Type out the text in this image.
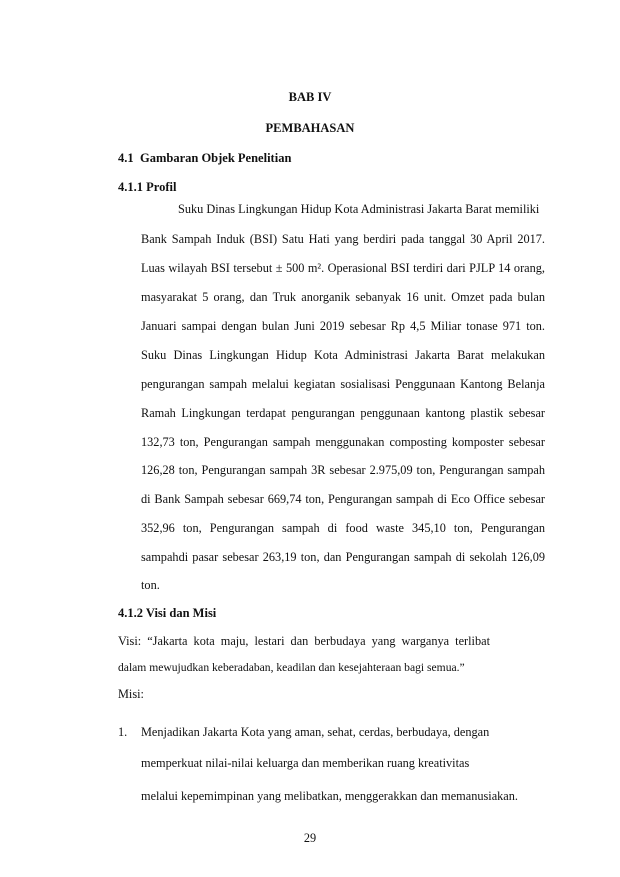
BAB IV
PEMBAHASAN
4.1 Gambaran Objek Penelitian
4.1.1 Profil
Suku Dinas Lingkungan Hidup Kota Administrasi Jakarta Barat memiliki
Bank Sampah Induk (BSI) Satu Hati yang berdiri pada tanggal 30 April 2017.
Luas wilayah BSI tersebut ± 500 m². Operasional BSI terdiri dari PJLP 14 orang,
masyarakat 5 orang, dan Truk anorganik sebanyak 16 unit. Omzet pada bulan
Januari sampai dengan bulan Juni 2019 sebesar Rp 4,5 Miliar tonase 971 ton.
Suku Dinas Lingkungan Hidup Kota Administrasi Jakarta Barat melakukan
pengurangan sampah melalui kegiatan sosialisasi Penggunaan Kantong Belanja
Ramah Lingkungan terdapat pengurangan penggunaan kantong plastik sebesar
132,73 ton, Pengurangan sampah menggunakan composting komposter sebesar
126,28 ton, Pengurangan sampah 3R sebesar 2.975,09 ton, Pengurangan sampah
di Bank Sampah sebesar 669,74 ton, Pengurangan sampah di Eco Office sebesar
352,96 ton, Pengurangan sampah di food waste 345,10 ton, Pengurangan
sampahdi pasar sebesar 263,19 ton, dan Pengurangan sampah di sekolah 126,09
ton.
4.1.2 Visi dan Misi
Visi: “Jakarta kota maju, lestari dan berbudaya yang warganya terlibat
dalam mewujudkan keberadaban, keadilan dan kesejahteraan bagi semua.”
Misi:
1. Menjadikan Jakarta Kota yang aman, sehat, cerdas, berbudaya, dengan
memperkuat nilai-nilai keluarga dan memberikan ruang kreativitas
melalui kepemimpinan yang melibatkan, menggerakkan dan memanusiakan.
29
